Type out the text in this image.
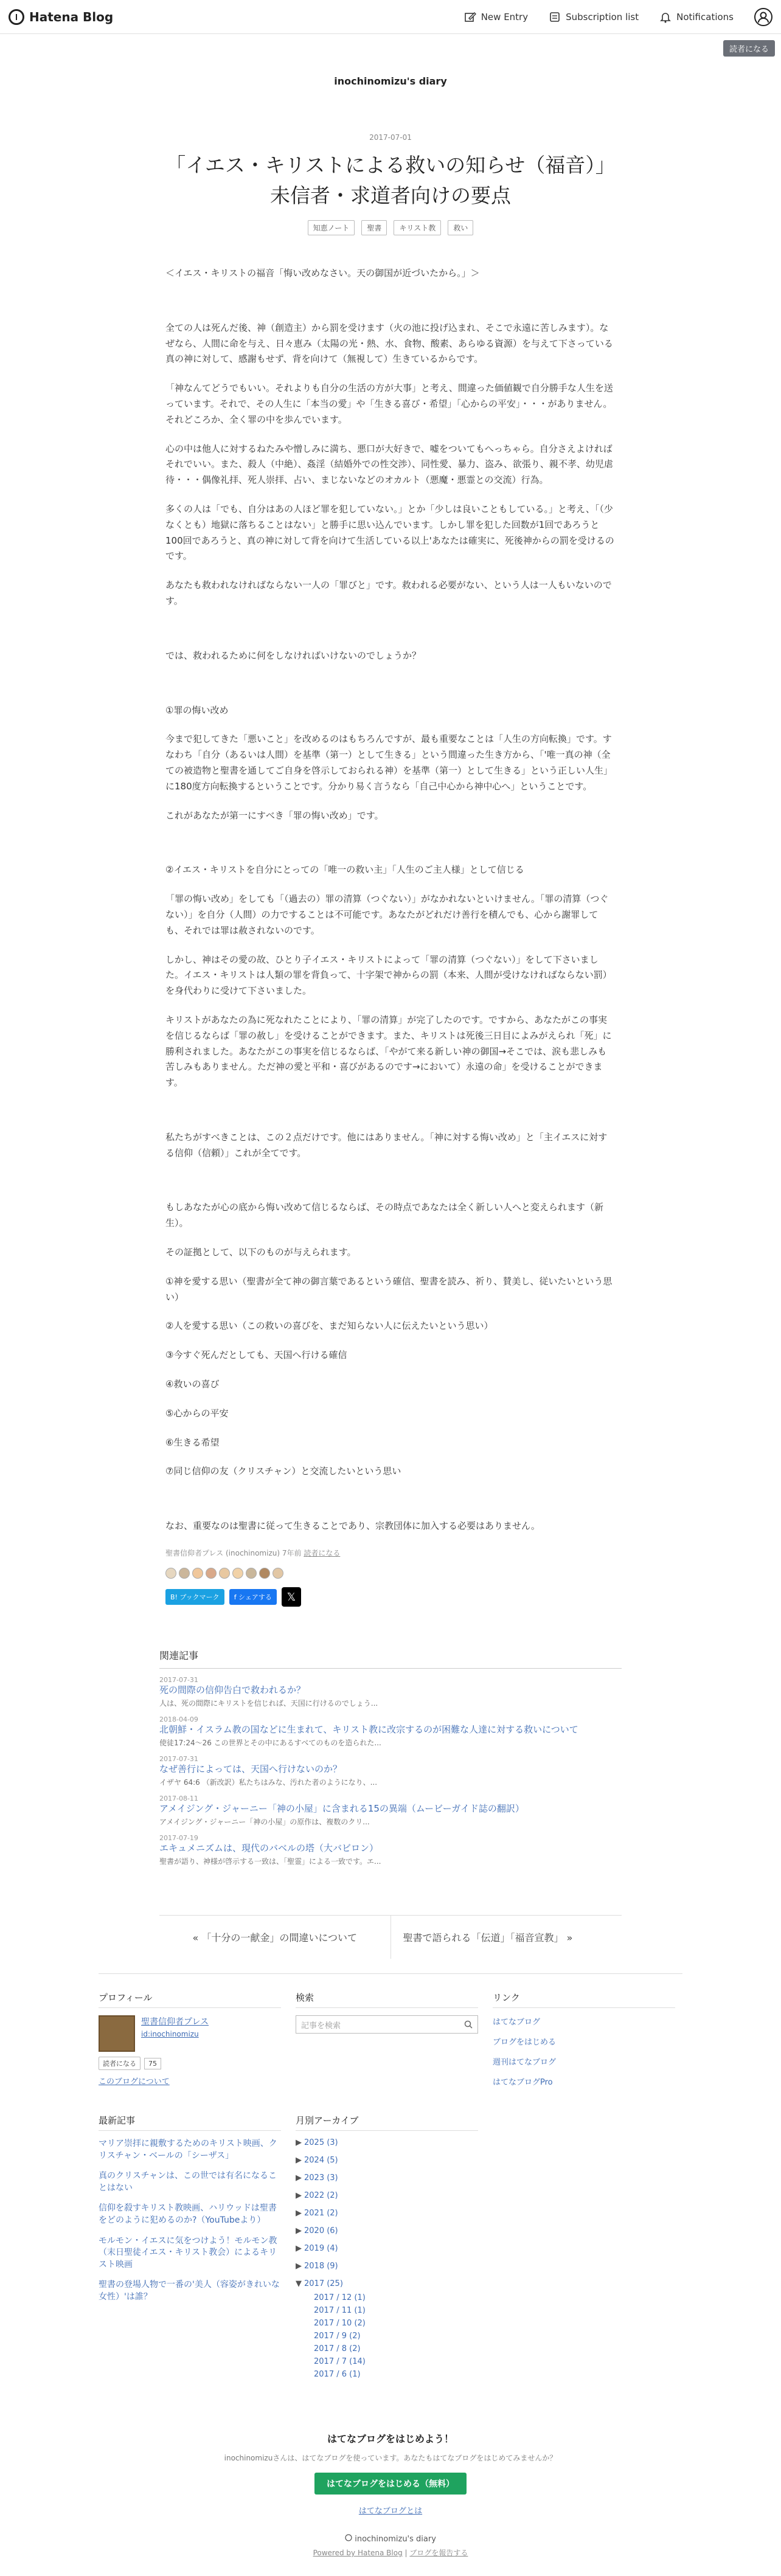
Hatena Blog	New Entry	Subscription list	Notifications
読者になる
inochinomizu's diary
2017-07-01
「イエス・キリストによる救いの知らせ（福音）」 未信者・求道者向けの要点
知恵ノート 聖書 キリスト教 救い

＜イエス・キリストの福音「悔い改めなさい。天の御国が近づいたから。」＞

全ての人は死んだ後、神（創造主）から罰を受けます（火の池に投げ込まれ、そこで永遠に苦しみます）。なぜなら、人間に命を与え、日々恵み（太陽の光・熱、水、食物、酸素、あらゆる資源）を与えて下さっている真の神に対して、感謝もせず、背を向けて（無視して）生きているからです。

「神なんてどうでもいい。それよりも自分の生活の方が大事」と考え、間違った価値観で自分勝手な人生を送っています。それで、その人生に「本当の愛」や「生きる喜び・希望」「心からの平安」・・・がありません。それどころか、全く罪の中を歩んでいます。

心の中は他人に対するねたみや憎しみに満ち、悪口が大好きで、嘘をついてもへっちゃら。自分さえよければそれでいい。また、殺人（中絶）、姦淫（結婚外での性交渉）、同性愛、暴力、盗み、欲張り、親不孝、幼児虐待・・・偶像礼拝、死人崇拝、占い、まじないなどのオカルト（悪魔・悪霊との交流）行為。

多くの人は「でも、自分はあの人ほど罪を犯していない。」とか「少しは良いこともしている。」と考え、「（少なくとも）地獄に落ちることはない」と勝手に思い込んでいます。しかし罪を犯した回数が1回であろうと100回であろうと、真の神に対して背を向けて生活している以上'あなたは確実に、死後神からの罰を受けるのです。

あなたも救われなければならない一人の「罪びと」です。救われる必要がない、という人は一人もいないのです。

では、救われるために何をしなければいけないのでしょうか？

①罪の悔い改め

今まで犯してきた「悪いこと」を改めるのはもちろんですが、最も重要なことは「人生の方向転換」です。すなわち「自分（あるいは人間）を基準（第一）として生きる」という間違った生き方から、「'唯一真の神（全ての被造物と聖書を通してご自身を啓示しておられる神）を基準（第一）として生きる」という正しい人生」に180度方向転換するということです。分かり易く言うなら「自己中心から神中心へ」ということです。

これがあなたが第一にすべき「罪の悔い改め」です。

②イエス・キリストを自分にとっての「唯一の救い主」「人生のご主人様」として信じる

「罪の悔い改め」をしても「（過去の）罪の清算（つぐない）」がなかれないといけません。「罪の清算（つぐない）」を自分（人間）の力ですることは不可能です。あなたがどれだけ善行を積んでも、心から謝罪しても、それでは罪は赦されないのです。

しかし、神はその愛の故、ひとり子イエス・キリストによって「罪の清算（つぐない）」をして下さいました。イエス・キリストは人類の罪を背負って、十字架で神からの罰（本来、人間が受けなければならない罰）を身代わりに受けて下さいました。

キリストがあなたの為に死なれたことにより、「罪の清算」が完了したのです。ですから、あなたがこの事実を信じるならば「罪の赦し」を受けることができます。また、キリストは死後三日目によみがえられ「死」に勝利されました。あなたがこの事実を信じるならば、「やがて来る新しい神の御国→そこでは、涙も悲しみも苦しみもありません。ただ神の愛と平和・喜びがあるのです→において）永遠の命」を受けることができます。

私たちがすべきことは、この２点だけです。他にはありません。「神に対する悔い改め」と「主イエスに対する信仰（信頼）」これが全てです。

もしあなたが心の底から悔い改めて信じるならば、その時点であなたは全く新しい人へと変えられます（新生）。

その証拠として、以下のものが与えられます。

①神を愛する思い（聖書が全て神の御言葉であるという確信、聖書を読み、祈り、賛美し、従いたいという思い）

②人を愛する思い（この救いの喜びを、まだ知らない人に伝えたいという思い）

③今すぐ死んだとしても、天国へ行ける確信

④救いの喜び

⑤心からの平安

⑥生きる希望

⑦同じ信仰の友（クリスチャン）と交流したいという思い

なお、重要なのは聖書に従って生きることであり、宗教団体に加入する必要はありません。

聖書信仰者プレス (inochinomizu) 7年前 読者になる
B! ブックマーク	f シェアする	𝕏
関連記事
2017-07-31
死の間際の信仰告白で救われるか？
人は、死の間際にキリストを信じれば、天国に行けるのでしょう...
2018-04-09
北朝鮮・イスラム教の国などに生まれて、キリスト教に改宗するのが困難な人達に対する救いについて
使徒17:24〜26 この世界とその中にあるすべてのものを造られた...
2017-07-31
なぜ善行によっては、天国へ行けないのか？
イザヤ 64:6 （新改訳）私たちはみな、汚れた者のようになり、...
2017-08-11
アメイジング・ジャーニー「神の小屋」に含まれる15の異端（ムービーガイド誌の翻訳）
アメイジング・ジャーニー「神の小屋」の原作は、複数のクリ...
2017-07-19
エキュメニズムは、現代のバベルの塔（大バビロン）
聖書が語り、神様が啓示する一致は、「聖霊」による一致です。エ...
« 「十分の一献金」の間違いについて	聖書で語られる「伝道」「福音宣教」 »
プロフィール
聖書信仰者プレス
id:inochinomizu
読者になる	75
このブログについて
検索
記事を検索
リンク
はてなブログ
ブログをはじめる
週刊はてなブログ
はてなブログPro
最新記事
マリア崇拝に親敷するためのキリスト映画、クリスチャン・ベールの「シーザス」
真のクリスチャンは、この世では有名になることはない
信仰を殺すキリスト教映画、ハリウッドは聖書をどのように犯めるのか?（YouTubeより）
モルモン・イエスに気をつけよう！モルモン教（末日聖徒イエス・キリスト教会）によるキリスト映画
聖書の登場人物で一番の'美人（容姿がきれいな女性）'は誰？
月別アーカイブ
▶ 2025 (3)
▶ 2024 (5)
▶ 2023 (3)
▶ 2022 (2)
▶ 2021 (2)
▶ 2020 (6)
▶ 2019 (4)
▶ 2018 (9)
▼ 2017 (25)
2017 / 12 (1)
2017 / 11 (1)
2017 / 10 (2)
2017 / 9 (2)
2017 / 8 (2)
2017 / 7 (14)
2017 / 6 (1)
はてなブログをはじめよう！
inochinomizuさんは、はてなブログを使っています。あなたもはてなブログをはじめてみませんか？
はてなブログをはじめる（無料）
はてなブログとは
inochinomizu's diary
Powered by Hatena Blog | ブログを報告する
